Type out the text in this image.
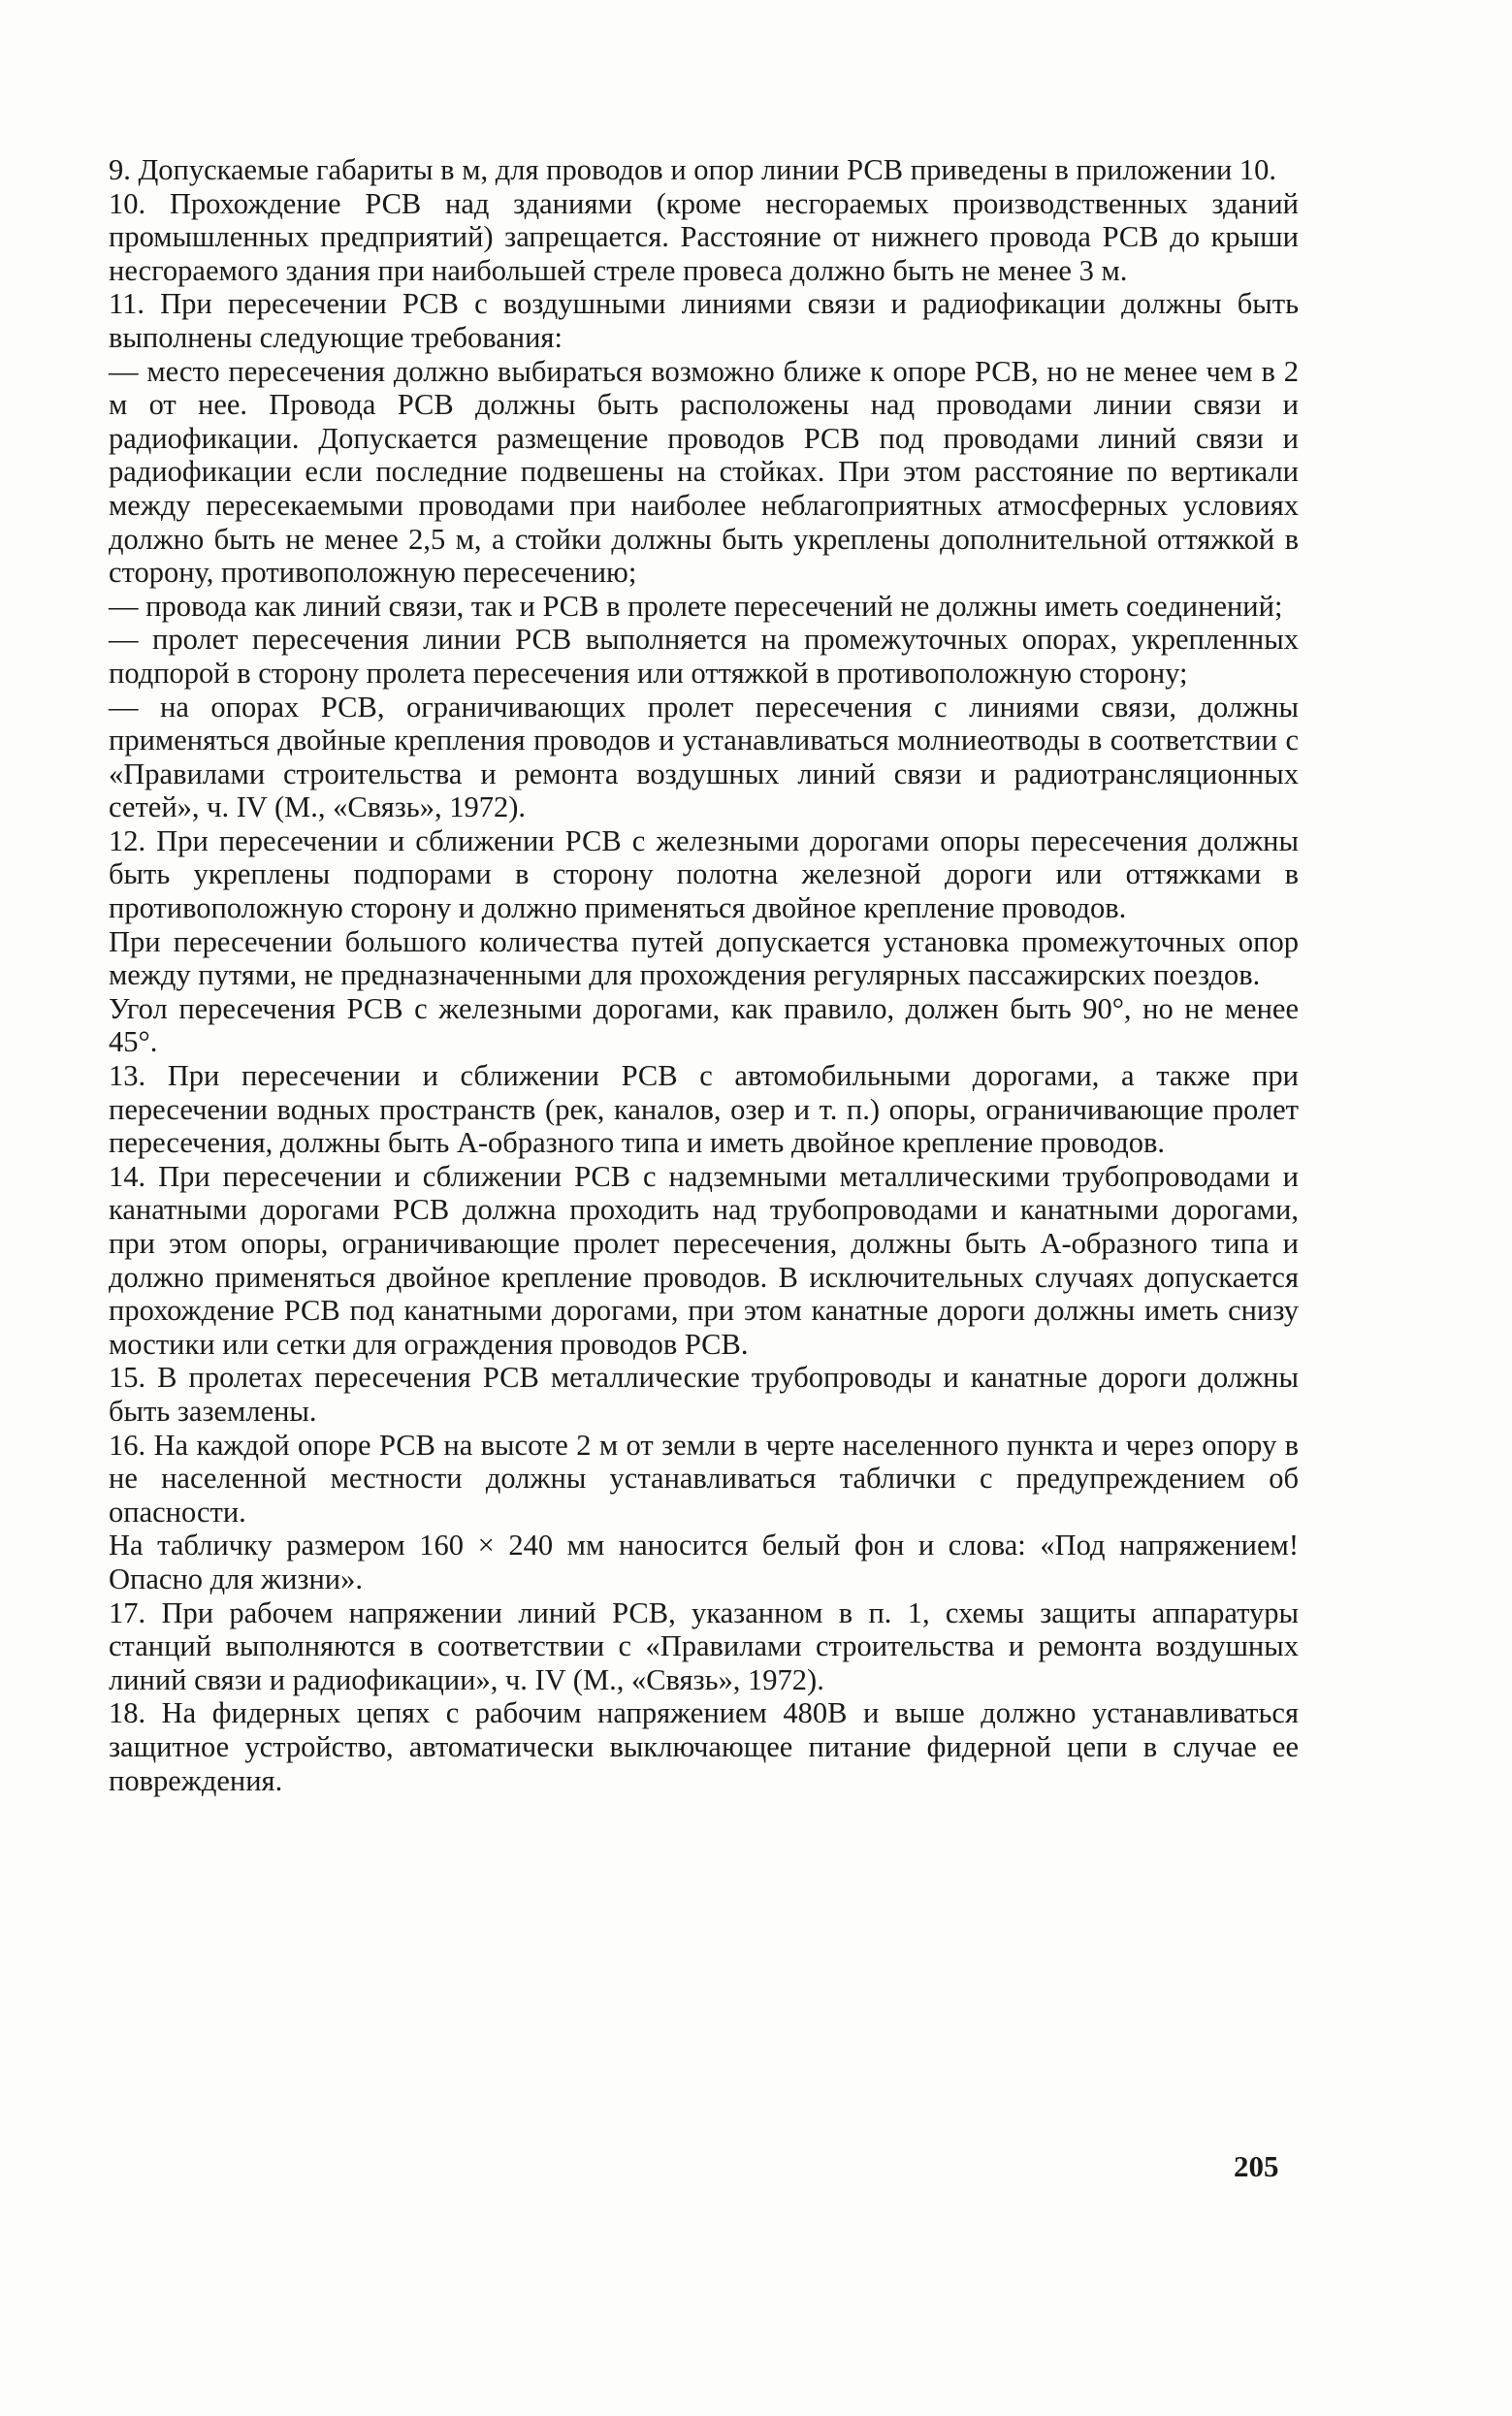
9. Допускаемые габариты в м, для проводов и опор линии РСВ приведены в приложении 10.

10. Прохождение РСВ над зданиями (кроме несгораемых производственных зданий промышленных предприятий) запрещается. Расстояние от нижнего провода РСВ до крыши несгораемого здания при наибольшей стреле провеса должно быть не менее 3 м.

11. При пересечении РСВ с воздушными линиями связи и радиофикации должны быть выполнены следующие требования:

— место пересечения должно выбираться возможно ближе к опоре РСВ, но не менее чем в 2 м от нее. Провода РСВ должны быть расположены над проводами линии связи и радиофикации. Допускается размещение проводов РСВ под проводами линий связи и радиофикации если последние подвешены на стойках. При этом расстояние по вертикали между пересекаемыми проводами при наиболее неблагоприятных атмосферных условиях должно быть не менее 2,5 м, а стойки должны быть укреплены дополнительной оттяжкой в сторону, противоположную пересечению;

— провода как линий связи, так и РСВ в пролете пересечений не должны иметь соединений;

— пролет пересечения линии РСВ выполняется на промежуточных опорах, укрепленных подпорой в сторону пролета пересечения или оттяжкой в противоположную сторону;

— на опорах РСВ, ограничивающих пролет пересечения с линиями связи, должны применяться двойные крепления проводов и устанавливаться молниеотводы в соответствии с «Правилами строительства и ремонта воздушных линий связи и радиотрансляционных сетей», ч. IV (М., «Связь», 1972).

12. При пересечении и сближении РСВ с железными дорогами опоры пересечения должны быть укреплены подпорами в сторону полотна железной дороги или оттяжками в противоположную сторону и должно применяться двойное крепление проводов.

При пересечении большого количества путей допускается установка промежуточных опор между путями, не предназначенными для прохождения регулярных пассажирских поездов.

Угол пересечения РСВ с железными дорогами, как правило, должен быть 90°, но не менее 45°.

13. При пересечении и сближении РСВ с автомобильными дорогами, а также при пересечении водных пространств (рек, каналов, озер и т. п.) опоры, ограничивающие пролет пересечения, должны быть А-образного типа и иметь двойное крепление проводов.

14. При пересечении и сближении РСВ с надземными металлическими трубопроводами и канатными дорогами РСВ должна проходить над трубопроводами и канатными дорогами, при этом опоры, ограничивающие пролет пересечения, должны быть А-образного типа и должно применяться двойное крепление проводов. В исключительных случаях допускается прохождение РСВ под канатными дорогами, при этом канатные дороги должны иметь снизу мостики или сетки для ограждения проводов РСВ.

15. В пролетах пересечения РСВ металлические трубопроводы и канатные дороги должны быть заземлены.

16. На каждой опоре РСВ на высоте 2 м от земли в черте населенного пункта и через опору в не населенной местности должны устанавливаться таблички с предупреждением об опасности.

На табличку размером 160 × 240 мм наносится белый фон и слова: «Под напряжением! Опасно для жизни».

17. При рабочем напряжении линий РСВ, указанном в п. 1, схемы защиты аппаратуры станций выполняются в соответствии с «Правилами строительства и ремонта воздушных линий связи и радиофикации», ч. IV (М., «Связь», 1972).

18. На фидерных цепях с рабочим напряжением 480В и выше должно устанавливаться защитное устройство, автоматически выключающее питание фидерной цепи в случае ее повреждения.

205
